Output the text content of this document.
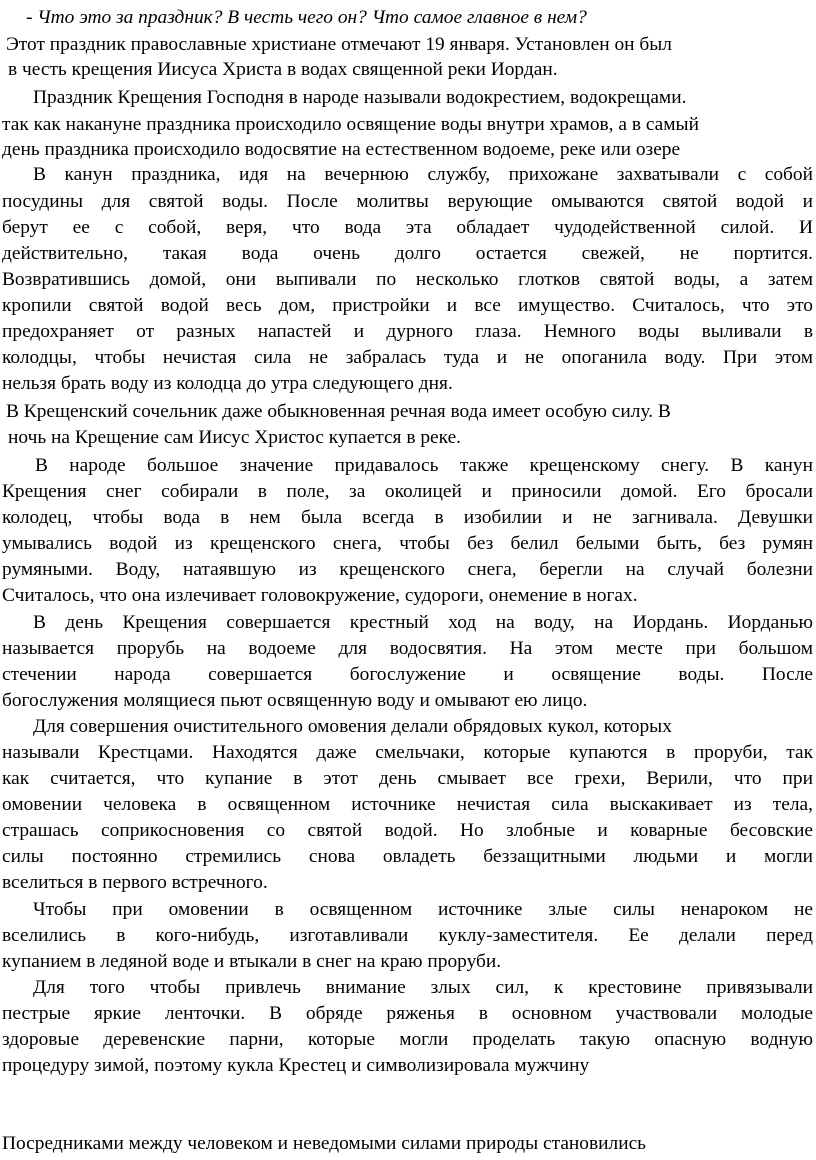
- Что это за праздник? В честь чего он? Что самое главное в нем?
Этот праздник православные христиане отмечают 19 января. Установлен он был
в честь крещения Иисуса Христа в водах священной реки Иордан.
Праздник Крещения Господня в народе называли водокрестием, водокрещами.
так как накануне праздника происходило освящение воды внутри храмов, а в самый
день праздника происходило водосвятие на естественном водоеме, реке или озере
В канун праздника, идя на вечернюю службу, прихожане захватывали с собой
посудины для святой воды. После молитвы верующие омываются святой водой и
берут ее с собой, веря, что вода эта обладает чудодейственной силой. И
действительно, такая вода очень долго остается свежей, не портится.
Возвратившись домой, они выпивали по несколько глотков святой воды, а затем
кропили святой водой весь дом, пристройки и все имущество. Считалось, что это
предохраняет от разных напастей и дурного глаза. Немного воды выливали в
колодцы, чтобы нечистая сила не забралась туда и не опоганила воду. При этом
нельзя брать воду из колодца до утра следующего дня.
В Крещенский сочельник даже обыкновенная речная вода имеет особую силу. В
ночь на Крещение сам Иисус Христос купается в реке.
В народе большое значение придавалось также крещенскому снегу. В канун
Крещения снег собирали в поле, за околицей и приносили домой. Его бросали
колодец, чтобы вода в нем была всегда в изобилии и не загнивала. Девушки
умывались водой из крещенского снега, чтобы без белил белыми быть, без румян
румяными. Воду, натаявшую из крещенского снега, берегли на случай болезни
Считалось, что она излечивает головокружение, судороги, онемение в ногах.
В день Крещения совершается крестный ход на воду, на Иордань. Иорданью
называется прорубь на водоеме для водосвятия. На этом месте при большом
стечении народа совершается богослужение и освящение воды. После
богослужения молящиеся пьют освященную воду и омывают ею лицо.
Для совершения очистительного омовения делали обрядовых кукол, которых
называли Крестцами. Находятся даже смельчаки, которые купаются в проруби, так
как считается, что купание в этот день смывает все грехи, Верили, что при
омовении человека в освященном источнике нечистая сила выскакивает из тела,
страшась соприкосновения со святой водой. Но злобные и коварные бесовские
силы постоянно стремились снова овладеть беззащитными людьми и могли
вселиться в первого встречного.
Чтобы при омовении в освященном источнике злые силы ненароком не
вселились в кого-нибудь, изготавливали куклу-заместителя. Ее делали перед
купанием в ледяной воде и втыкали в снег на краю проруби.
Для того чтобы привлечь внимание злых сил, к крестовине привязывали
пестрые яркие ленточки. В обряде ряженья в основном участвовали молодые
здоровые деревенские парни, которые могли проделать такую опасную водную
процедуру зимой, поэтому кукла Крестец и символизировала мужчину
Посредниками между человеком и неведомыми силами природы становились
